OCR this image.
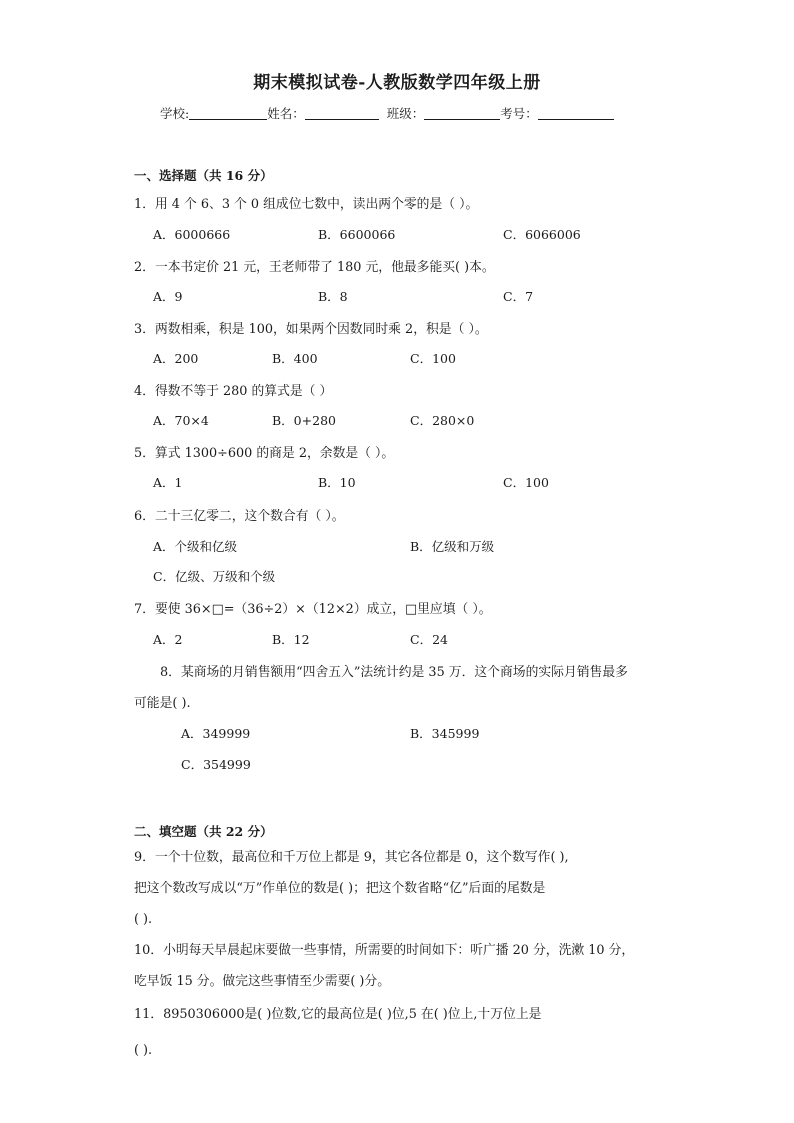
期末模拟试卷-人教版数学四年级上册
学校:	姓名：	班级：	考号：
一、选择题（共 16 分）
1．用 4 个 6、3 个 0 组成位七数中，读出两个零的是（ ）。
A．6000666	B．6600066	C．6066006
2．一本书定价 21 元，王老师带了 180 元，他最多能买( )本。
A．9	B．8	C．7
3．两数相乘，积是 100，如果两个因数同时乘 2，积是（ ）。
A．200	B．400	C．100
4．得数不等于 280 的算式是（ ）
A．70×4	B．0+280	C．280×0
5．算式 1300÷600 的商是 2，余数是（ ）。
A．1	B．10	C．100
6．二十三亿零二，这个数合有（ ）。
A．个级和亿级	B．亿级和万级
C．亿级、万级和个级
7．要使 36×□=（36÷2）×（12×2）成立，□里应填（ ）。
A．2	B．12	C．24
8．某商场的月销售额用“四舍五入”法统计约是 35 万．这个商场的实际月销售最多
可能是( ).
A．349999	B．345999
C．354999
二、填空题（共 22 分）
9．一个十位数，最高位和千万位上都是 9，其它各位都是 0，这个数写作( ),
把这个数改写成以“万”作单位的数是( )；把这个数省略“亿”后面的尾数是
( ).
10．小明每天早晨起床要做一些事情，所需要的时间如下：听广播 20 分，洗漱 10 分，
吃早饭 15 分。做完这些事情至少需要( )分。
11．8950306000是( )位数,它的最高位是( )位,5 在( )位上,十万位上是
( ).
